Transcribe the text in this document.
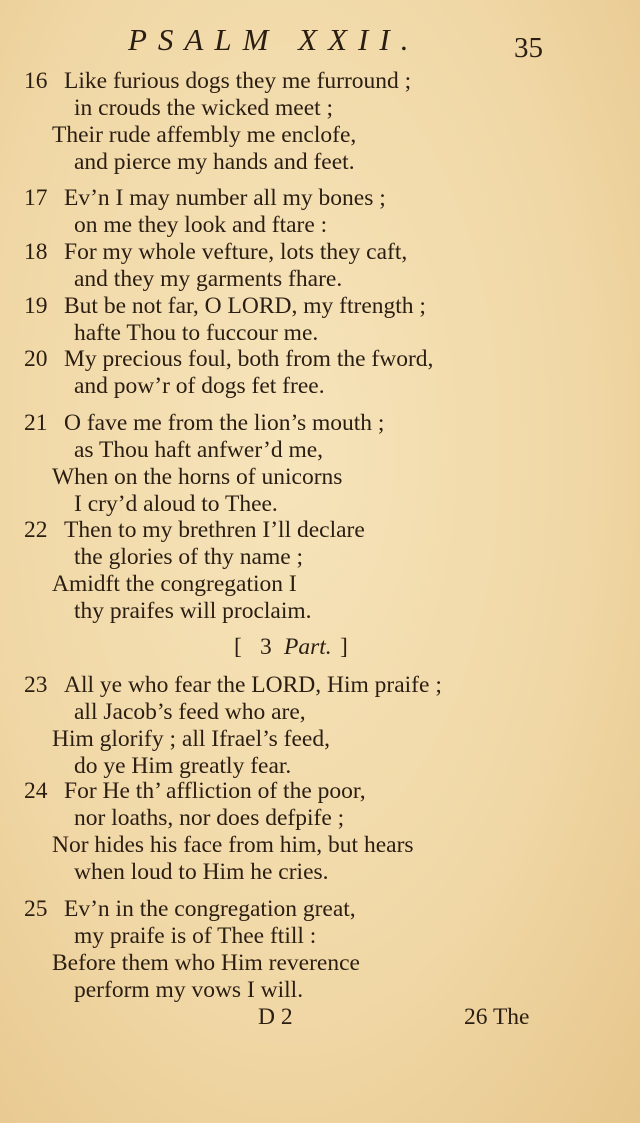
PSALM XXII.	35
16 Like furious dogs they me furround ;
in crouds the wicked meet ;
Their rude affembly me enclofe,
and pierce my hands and feet.
17 Ev’n I may number all my bones ;
on me they look and ftare :
18 For my whole vefture, lots they caft,
and they my garments fhare.
19 But be not far, O LORD, my ftrength ;
hafte Thou to fuccour me.
20 My precious foul, both from the fword,
and pow’r of dogs fet free.
21 O fave me from the lion’s mouth ;
as Thou haft anfwer’d me,
When on the horns of unicorns
I cry’d aloud to Thee.
22 Then to my brethren I’ll declare
the glories of thy name ;
Amidft the congregation I
thy praifes will proclaim.
[ 3 Part. ]
23 All ye who fear the LORD, Him praife ;
all Jacob’s feed who are,
Him glorify ; all Ifrael’s feed,
do ye Him greatly fear.
24 For He th’ affliction of the poor,
nor loaths, nor does defpife ;
Nor hides his face from him, but hears
when loud to Him he cries.
25 Ev’n in the congregation great,
my praife is of Thee ftill :
Before them who Him reverence
perform my vows I will.
D 2	26 The
